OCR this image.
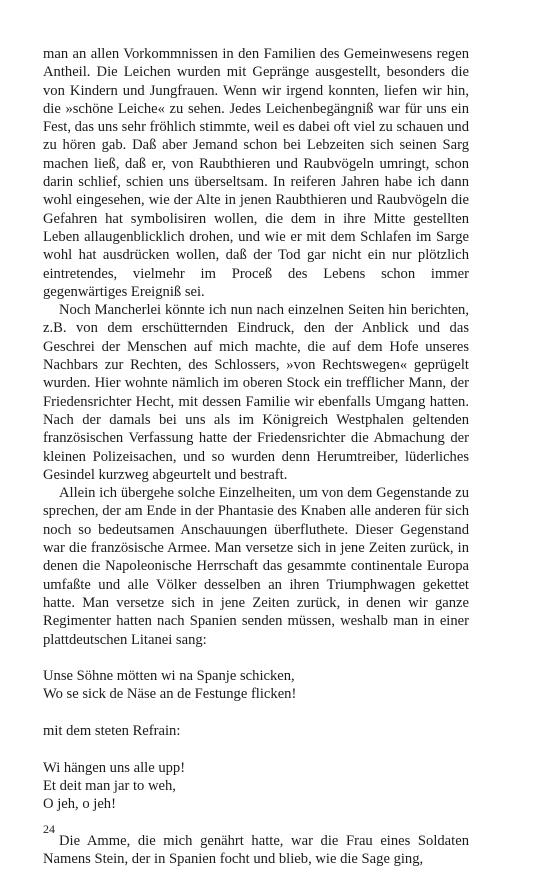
man an allen Vorkommnissen in den Familien des Gemeinwesens regen Antheil. Die Leichen wurden mit Gepränge ausgestellt, besonders die von Kindern und Jungfrauen. Wenn wir irgend konnten, liefen wir hin, die »schöne Leiche« zu sehen. Jedes Leichenbegängniß war für uns ein Fest, das uns sehr fröhlich stimmte, weil es dabei oft viel zu schauen und zu hören gab. Daß aber Jemand schon bei Lebzeiten sich seinen Sarg machen ließ, daß er, von Raubthieren und Raubvögeln umringt, schon darin schlief, schien uns überseltsam. In reiferen Jahren habe ich dann wohl eingesehen, wie der Alte in jenen Raubthieren und Raubvögeln die Gefahren hat symbolisiren wollen, die dem in ihre Mitte gestellten Leben allaugenblicklich drohen, und wie er mit dem Schlafen im Sarge wohl hat ausdrücken wollen, daß der Tod gar nicht ein nur plötzlich eintretendes, vielmehr im Proceß des Lebens schon immer gegenwärtiges Ereigniß sei.

Noch Mancherlei könnte ich nun nach einzelnen Seiten hin berichten, z.B. von dem erschütternden Eindruck, den der Anblick und das Geschrei der Menschen auf mich machte, die auf dem Hofe unseres Nachbars zur Rechten, des Schlossers, »von Rechtswegen« geprügelt wurden. Hier wohnte nämlich im oberen Stock ein trefflicher Mann, der Friedensrichter Hecht, mit dessen Familie wir ebenfalls Umgang hatten. Nach der damals bei uns als im Königreich Westphalen geltenden französischen Verfassung hatte der Friedensrichter die Abmachung der kleinen Polizeisachen, und so wurden denn Herumtreiber, lüderliches Gesindel kurzweg abgeurtelt und bestraft.

Allein ich übergehe solche Einzelheiten, um von dem Gegenstande zu sprechen, der am Ende in der Phantasie des Knaben alle anderen für sich noch so bedeutsamen Anschauungen überfluthete. Dieser Gegenstand war die französische Armee. Man versetze sich in jene Zeiten zurück, in denen die Napoleonische Herrschaft das gesammte continentale Europa umfaßte und alle Völker desselben an ihren Triumphwagen gekettet hatte. Man versetze sich in jene Zeiten zurück, in denen wir ganze Regimenter hatten nach Spanien senden müssen, weshalb man in einer plattdeutschen Litanei sang:

Unse Söhne mötten wi na Spanje schicken,

Wo se sick de Näse an de Festunge flicken!

mit dem steten Refrain:

Wi hängen uns alle upp!

Et deit man jar to weh,

O jeh, o jeh!

Die Amme, die mich genährt hatte, war die Frau eines Soldaten Namens Stein, der in Spanien focht und blieb, wie die Sage ging,

24
